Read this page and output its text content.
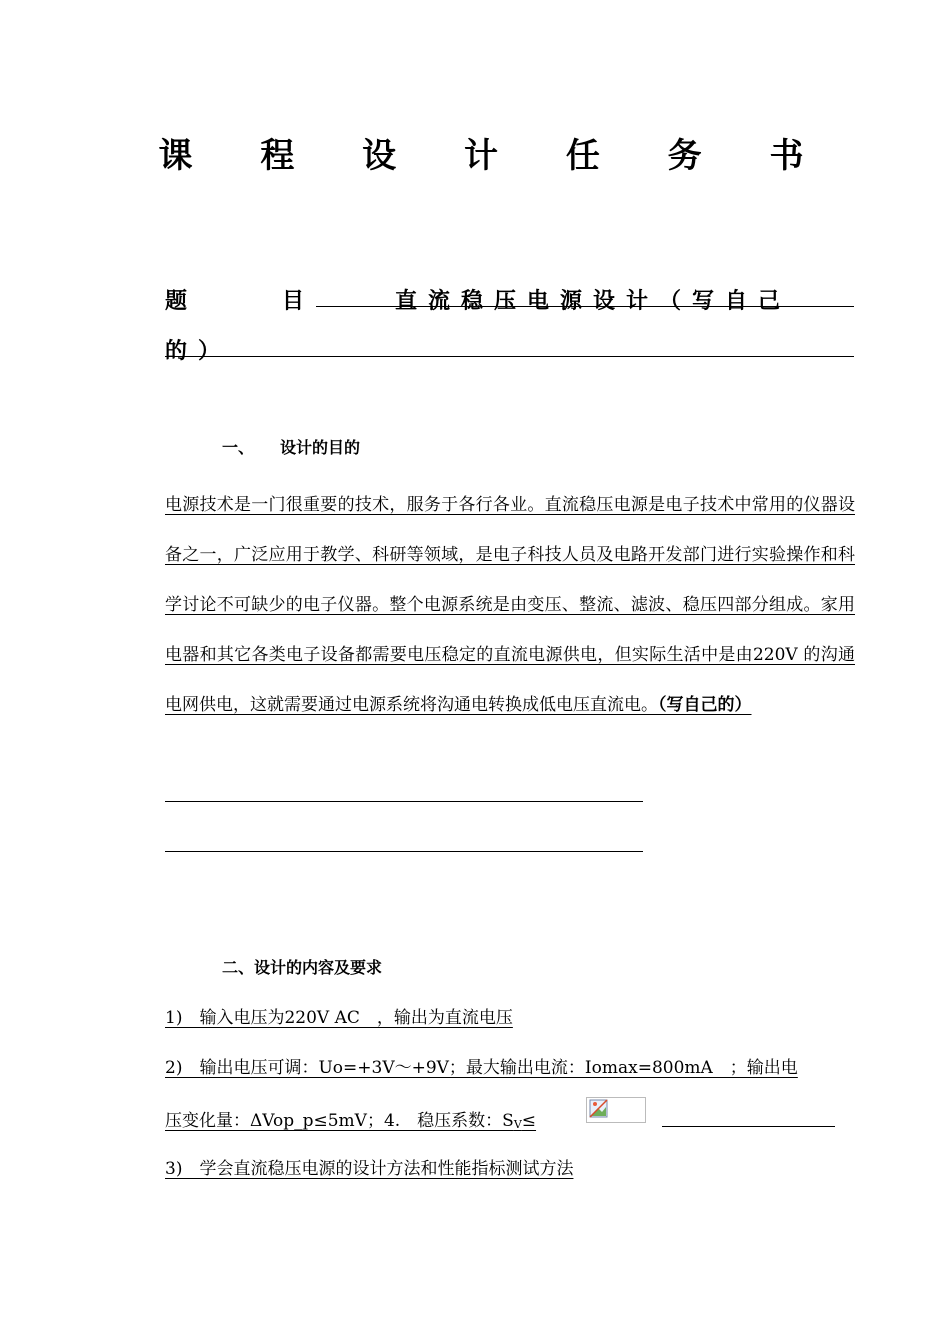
课 程 设 计 任 务 书
题	目	直流稳压电源设计（写自己
的）
一、 设计的目的
电源技术是一门很重要的技术，服务于各行各业。直流稳压电源是电子技术中常用的仪器设备之一，广泛应用于教学、科研等领域，是电子科技人员及电路开发部门进行实验操作和科学讨论不可缺少的电子仪器。整个电源系统是由变压、整流、滤波、稳压四部分组成。家用电器和其它各类电子设备都需要电压稳定的直流电源供电，但实际生活中是由220V 的沟通电网供电，这就需要通过电源系统将沟通电转换成低电压直流电。（写自己的）
二、设计的内容及要求
1)　输入电压为220V AC　，输出为直流电压
2)　输出电压可调：Uo=+3V～+9V；最大输出电流：Iomax=800mA　；输出电
压变化量：ΔVop_p≤5mV；4.　稳压系数：SV≤
3)　学会直流稳压电源的设计方法和性能指标测试方法
